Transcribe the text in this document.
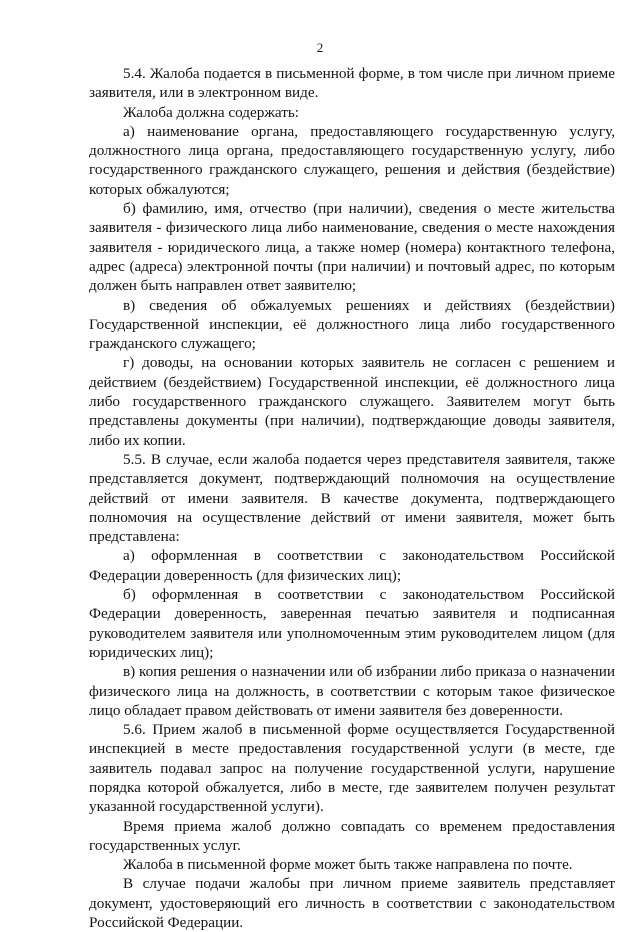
2

5.4. Жалоба подается в письменной форме, в том числе при личном приеме заявителя, или в электронном виде.

Жалоба должна содержать:

а) наименование органа, предоставляющего государственную услугу, должностного лица органа, предоставляющего государственную услугу, либо государственного гражданского служащего, решения и действия (бездействие) которых обжалуются;

б) фамилию, имя, отчество (при наличии), сведения о месте жительства заявителя - физического лица либо наименование, сведения о месте нахождения заявителя - юридического лица, а также номер (номера) контактного телефона, адрес (адреса) электронной почты (при наличии) и почтовый адрес, по которым должен быть направлен ответ заявителю;

в) сведения об обжалуемых решениях и действиях (бездействии) Государственной инспекции, её должностного лица либо государственного гражданского служащего;

г) доводы, на основании которых заявитель не согласен с решением и действием (бездействием) Государственной инспекции, её должностного лица либо государственного гражданского служащего. Заявителем могут быть представлены документы (при наличии), подтверждающие доводы заявителя, либо их копии.

5.5. В случае, если жалоба подается через представителя заявителя, также представляется документ, подтверждающий полномочия на осуществление действий от имени заявителя. В качестве документа, подтверждающего полномочия на осуществление действий от имени заявителя, может быть представлена:

а) оформленная в соответствии с законодательством Российской Федерации доверенность (для физических лиц);

б) оформленная в соответствии с законодательством Российской Федерации доверенность, заверенная печатью заявителя и подписанная руководителем заявителя или уполномоченным этим руководителем лицом (для юридических лиц);

в) копия решения о назначении или об избрании либо приказа о назначении физического лица на должность, в соответствии с которым такое физическое лицо обладает правом действовать от имени заявителя без доверенности.

5.6. Прием жалоб в письменной форме осуществляется Государственной инспекцией в месте предоставления государственной услуги (в месте, где заявитель подавал запрос на получение государственной услуги, нарушение порядка которой обжалуется, либо в месте, где заявителем получен результат указанной государственной услуги).

Время приема жалоб должно совпадать со временем предоставления государственных услуг.

Жалоба в письменной форме может быть также направлена по почте.

В случае подачи жалобы при личном приеме заявитель представляет документ, удостоверяющий его личность в соответствии с законодательством Российской Федерации.
